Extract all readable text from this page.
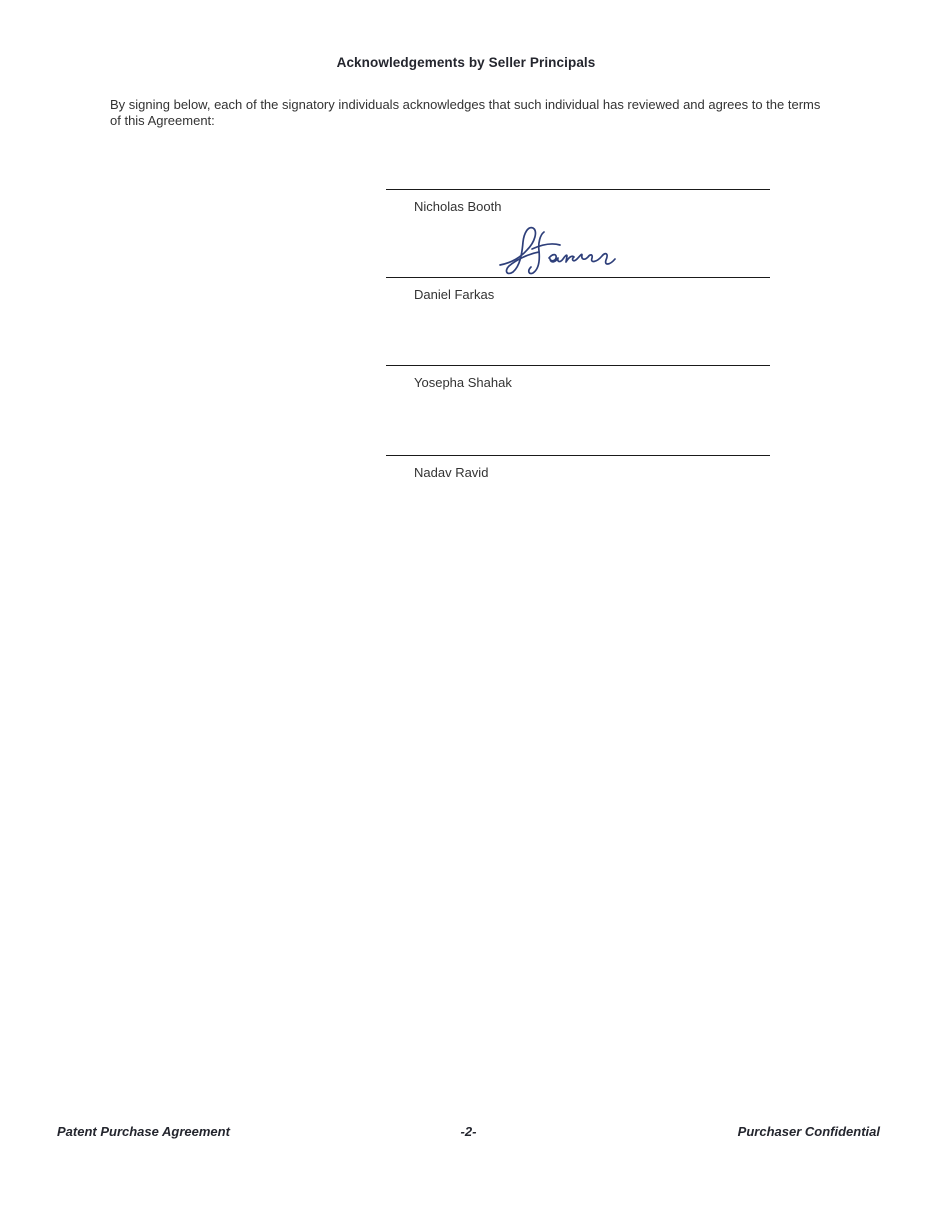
Acknowledgements by Seller Principals
By signing below, each of the signatory individuals acknowledges that such individual has reviewed and agrees to the terms of this Agreement:
Nicholas Booth
Daniel Farkas
Yosepha Shahak
Nadav Ravid
Patent Purchase Agreement	-2-	Purchaser Confidential
